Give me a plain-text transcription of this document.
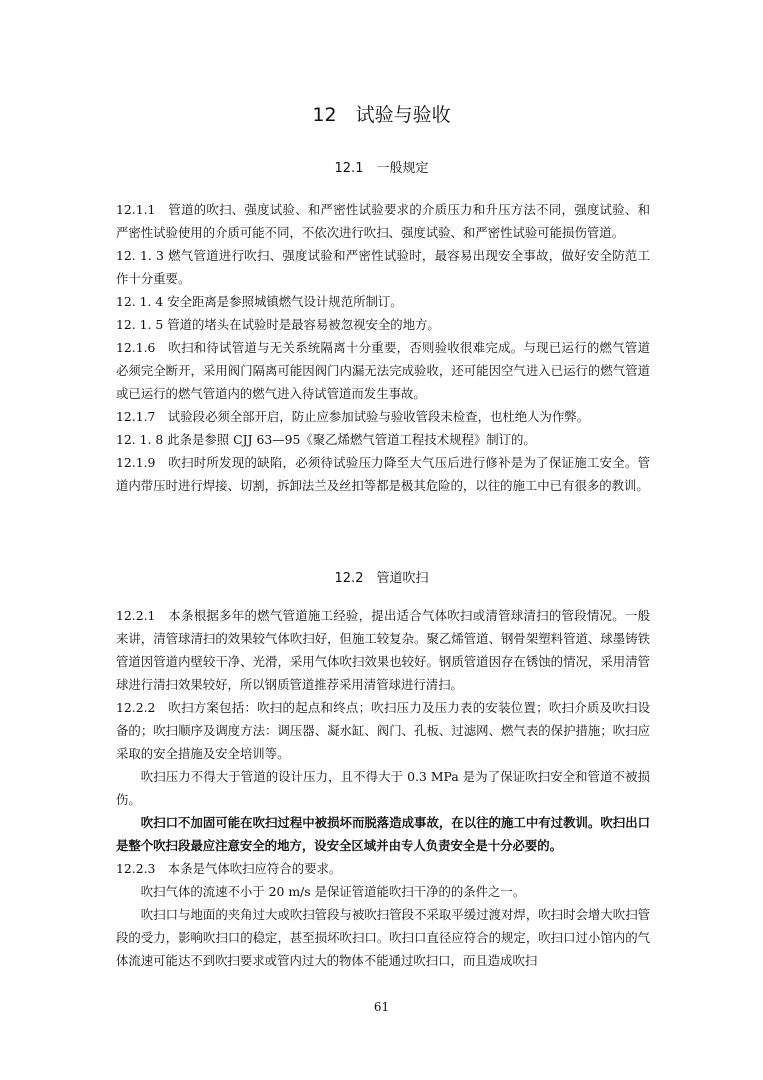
12　试验与验收
12.1　一般规定

12.1.1　管道的吹扫、强度试验、和严密性试验要求的介质压力和升压方法不同，强度试验、和严密性试验使用的介质可能不同，不依次进行吹扫、强度试验、和严密性试验可能损伤管道。

12. 1. 3 燃气管道进行吹扫、强度试验和严密性试验时，最容易出现安全事故，做好安全防范工作十分重要。

12. 1. 4 安全距离是参照城镇燃气设计规范所制订。

12. 1. 5 管道的堵头在试验时是最容易被忽视安全的地方。

12.1.6　吹扫和待试管道与无关系统隔离十分重要，否则验收很难完成。与现已运行的燃气管道必须完全断开，采用阀门隔离可能因阀门内漏无法完成验收，还可能因空气进入已运行的燃气管道或已运行的燃气管道内的燃气进入待试管道而发生事故。

12.1.7　试验段必须全部开启，防止应参加试验与验收管段未检查，也杜绝人为作弊。

12. 1. 8 此条是参照 CJJ 63—95《聚乙烯燃气管道工程技术规程》制订的。

12.1.9　吹扫时所发现的缺陷，必须待试验压力降至大气压后进行修补是为了保证施工安全。管道内带压时进行焊接、切割，拆卸法兰及丝扣等都是极其危险的，以往的施工中已有很多的教训。

12.2　管道吹扫

12.2.1　本条根据多年的燃气管道施工经验，提出适合气体吹扫或清管球清扫的管段情况。一般来讲，清管球清扫的效果较气体吹扫好，但施工较复杂。聚乙烯管道、钢骨架塑料管道、球墨铸铁管道因管道内壁较干净、光滑，采用气体吹扫效果也较好。钢质管道因存在锈蚀的情况，采用清管球进行清扫效果较好，所以钢质管道推荐采用清管球进行清扫。

12.2.2　吹扫方案包括：吹扫的起点和终点；吹扫压力及压力表的安装位置；吹扫介质及吹扫设备的；吹扫顺序及调度方法：调压器、凝水缸、阀门、孔板、过滤网、燃气表的保护措施；吹扫应采取的安全措施及安全培训等。

吹扫压力不得大于管道的设计压力，且不得大于 0.3 MPa 是为了保证吹扫安全和管道不被损伤。

吹扫口不加固可能在吹扫过程中被损坏而脱落造成事故，在以往的施工中有过教训。吹扫出口是整个吹扫段最应注意安全的地方，设安全区域并由专人负责安全是十分必要的。

12.2.3　本条是气体吹扫应符合的要求。

吹扫气体的流速不小于 20 m/s 是保证管道能吹扫干净的的条件之一。

吹扫口与地面的夹角过大或吹扫管段与被吹扫管段不采取平缓过渡对焊，吹扫时会增大吹扫管段的受力，影响吹扫口的稳定，甚至损坏吹扫口。吹扫口直径应符合的规定，吹扫口过小馆内的气体流速可能达不到吹扫要求或管内过大的物体不能通过吹扫口，而且造成吹扫

61
